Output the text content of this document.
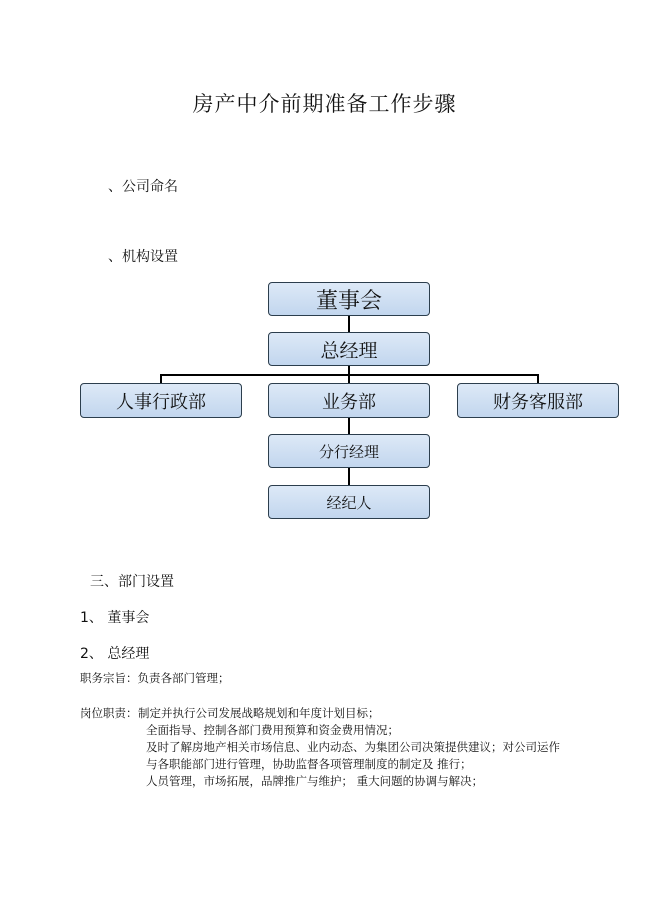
房产中介前期准备工作步骤
、公司命名
、机构设置
董事会
总经理
人事行政部	业务部	财务客服部
分行经理
经纪人
三、部门设置
1、 董事会
2、 总经理
职务宗旨：负责各部门管理；
岗位职责： 制定并执行公司发展战略规划和年度计划目标；
全面指导、控制各部门费用预算和资金费用情况；
及时了解房地产相关市场信息、业内动态、为集团公司决策提供建议；对公司运作
与各职能部门进行管理，协助监督各项管理制度的制定及 推行；
人员管理，市场拓展，品牌推广与维护； 重大问题的协调与解决；
